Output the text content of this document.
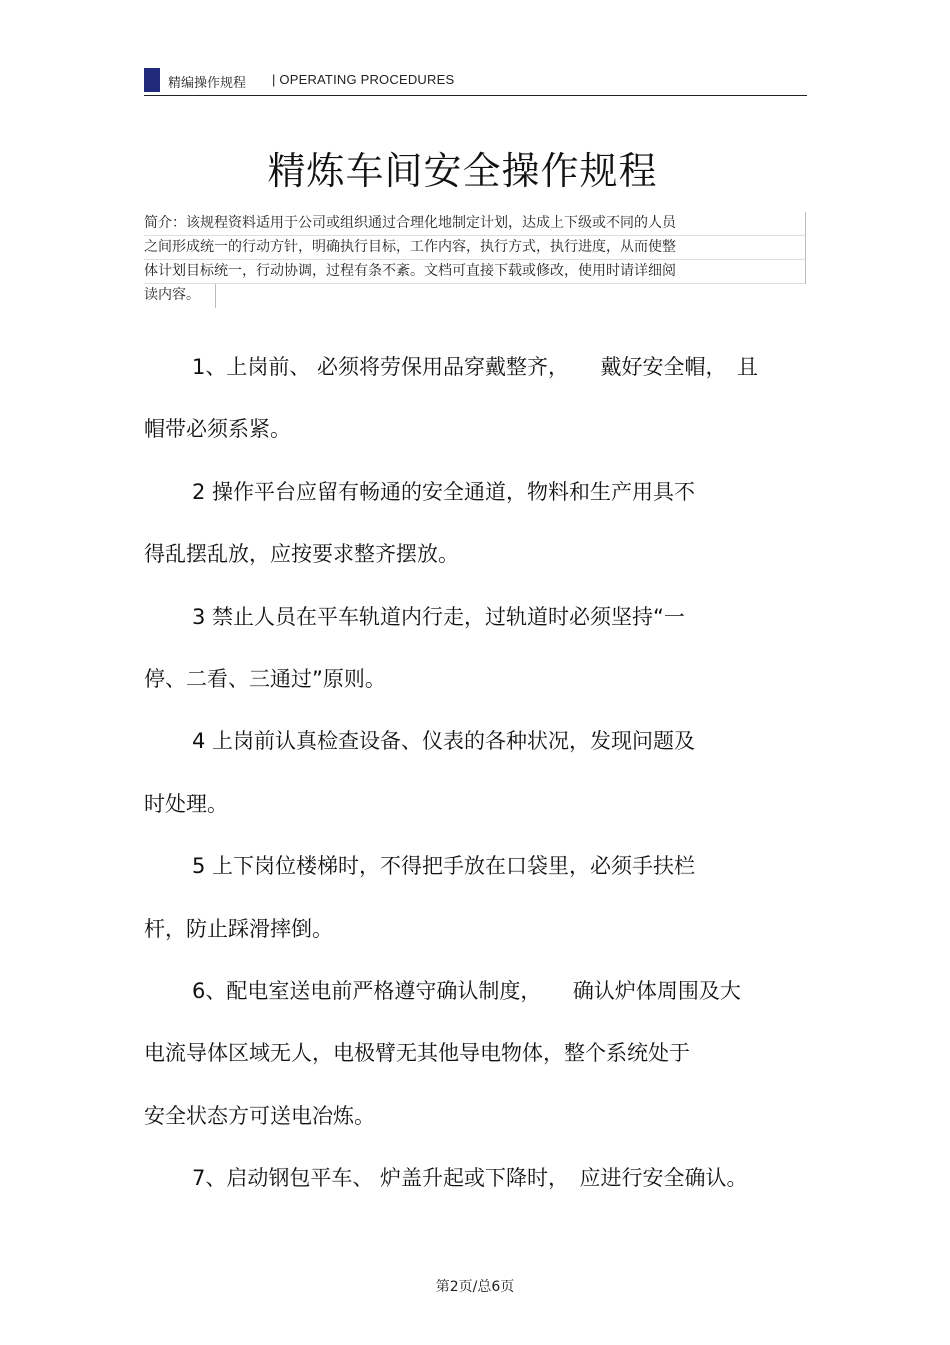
精编操作规程 | OPERATING PROCEDURES
精炼车间安全操作规程
简介：该规程资料适用于公司或组织通过合理化地制定计划，达成上下级或不同的人员
之间形成统一的行动方针，明确执行目标，工作内容，执行方式，执行进度，从而使整
体计划目标统一，行动协调，过程有条不紊。文档可直接下载或修改，使用时请详细阅
读内容。
1、上岗前、 必须将劳保用品穿戴整齐，　　戴好安全帽，　且
帽带必须系紧。
2 操作平台应留有畅通的安全通道，物料和生产用具不
得乱摆乱放，应按要求整齐摆放。
3 禁止人员在平车轨道内行走，过轨道时必须坚持“一
停、二看、三通过”原则。
4 上岗前认真检查设备、仪表的各种状况，发现问题及
时处理。
5 上下岗位楼梯时，不得把手放在口袋里，必须手扶栏
杆，防止踩滑摔倒。
6、配电室送电前严格遵守确认制度，　　确认炉体周围及大
电流导体区域无人，电极臂无其他导电物体，整个系统处于
安全状态方可送电冶炼。
7、启动钢包平车、 炉盖升起或下降时，　应进行安全确认。
第2页/总6页
